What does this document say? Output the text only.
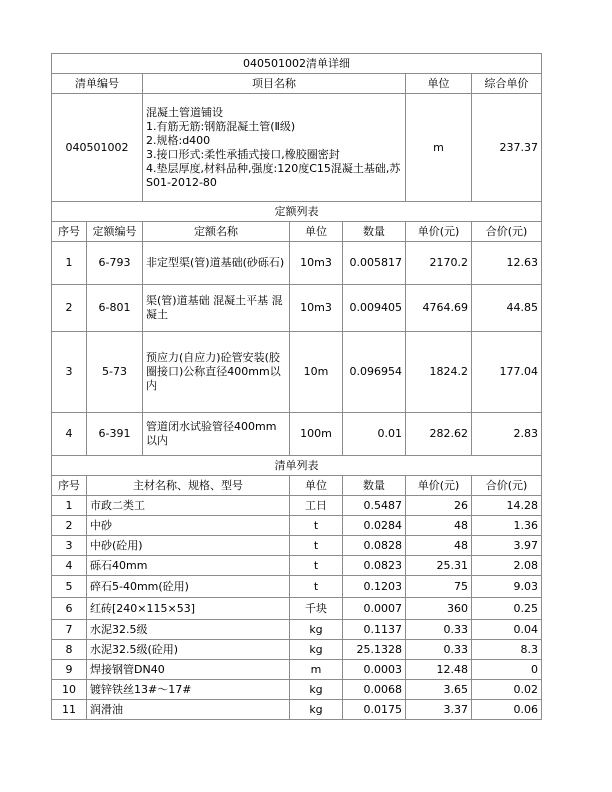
040501002清单详细						
清单编号		项目名称			单位	综合单价
040501002		混凝土管道铺设
1.有筋无筋:钢筋混凝土管(Ⅱ级)
2.规格:d400
3.接口形式:柔性承插式接口,橡胶圈密封
4.垫层厚度,材料品种,强度:120度C15混凝土基础,苏S01-2012-80			m	237.37
定额列表						
序号	定额编号	定额名称	单位	数量	单价(元)	合价(元)
1	6-793	非定型渠(管)道基础(砂砾石)	10m3	0.005817	2170.2	12.63
2	6-801	渠(管)道基础 混凝土平基 混凝土	10m3	0.009405	4764.69	44.85
3	5-73	预应力(自应力)砼管安装(胶圈接口)公称直径400mm以内	10m	0.096954	1824.2	177.04
4	6-391	管道闭水试验管径400mm以内	100m	0.01	282.62	2.83
清单列表						
序号	主材名称、规格、型号		单位	数量	单价(元)	合价(元)
1	市政二类工		工日	0.5487	26	14.28
2	中砂		t	0.0284	48	1.36
3	中砂(砼用)		t	0.0828	48	3.97
4	砾石40mm		t	0.0823	25.31	2.08
5	碎石5-40mm(砼用)		t	0.1203	75	9.03
6	红砖[240×115×53]		千块	0.0007	360	0.25
7	水泥32.5级		kg	0.1137	0.33	0.04
8	水泥32.5级(砼用)		kg	25.1328	0.33	8.3
9	焊接钢管DN40		m	0.0003	12.48	0
10	镀锌铁丝13#～17#		kg	0.0068	3.65	0.02
11	润滑油		kg	0.0175	3.37	0.06
